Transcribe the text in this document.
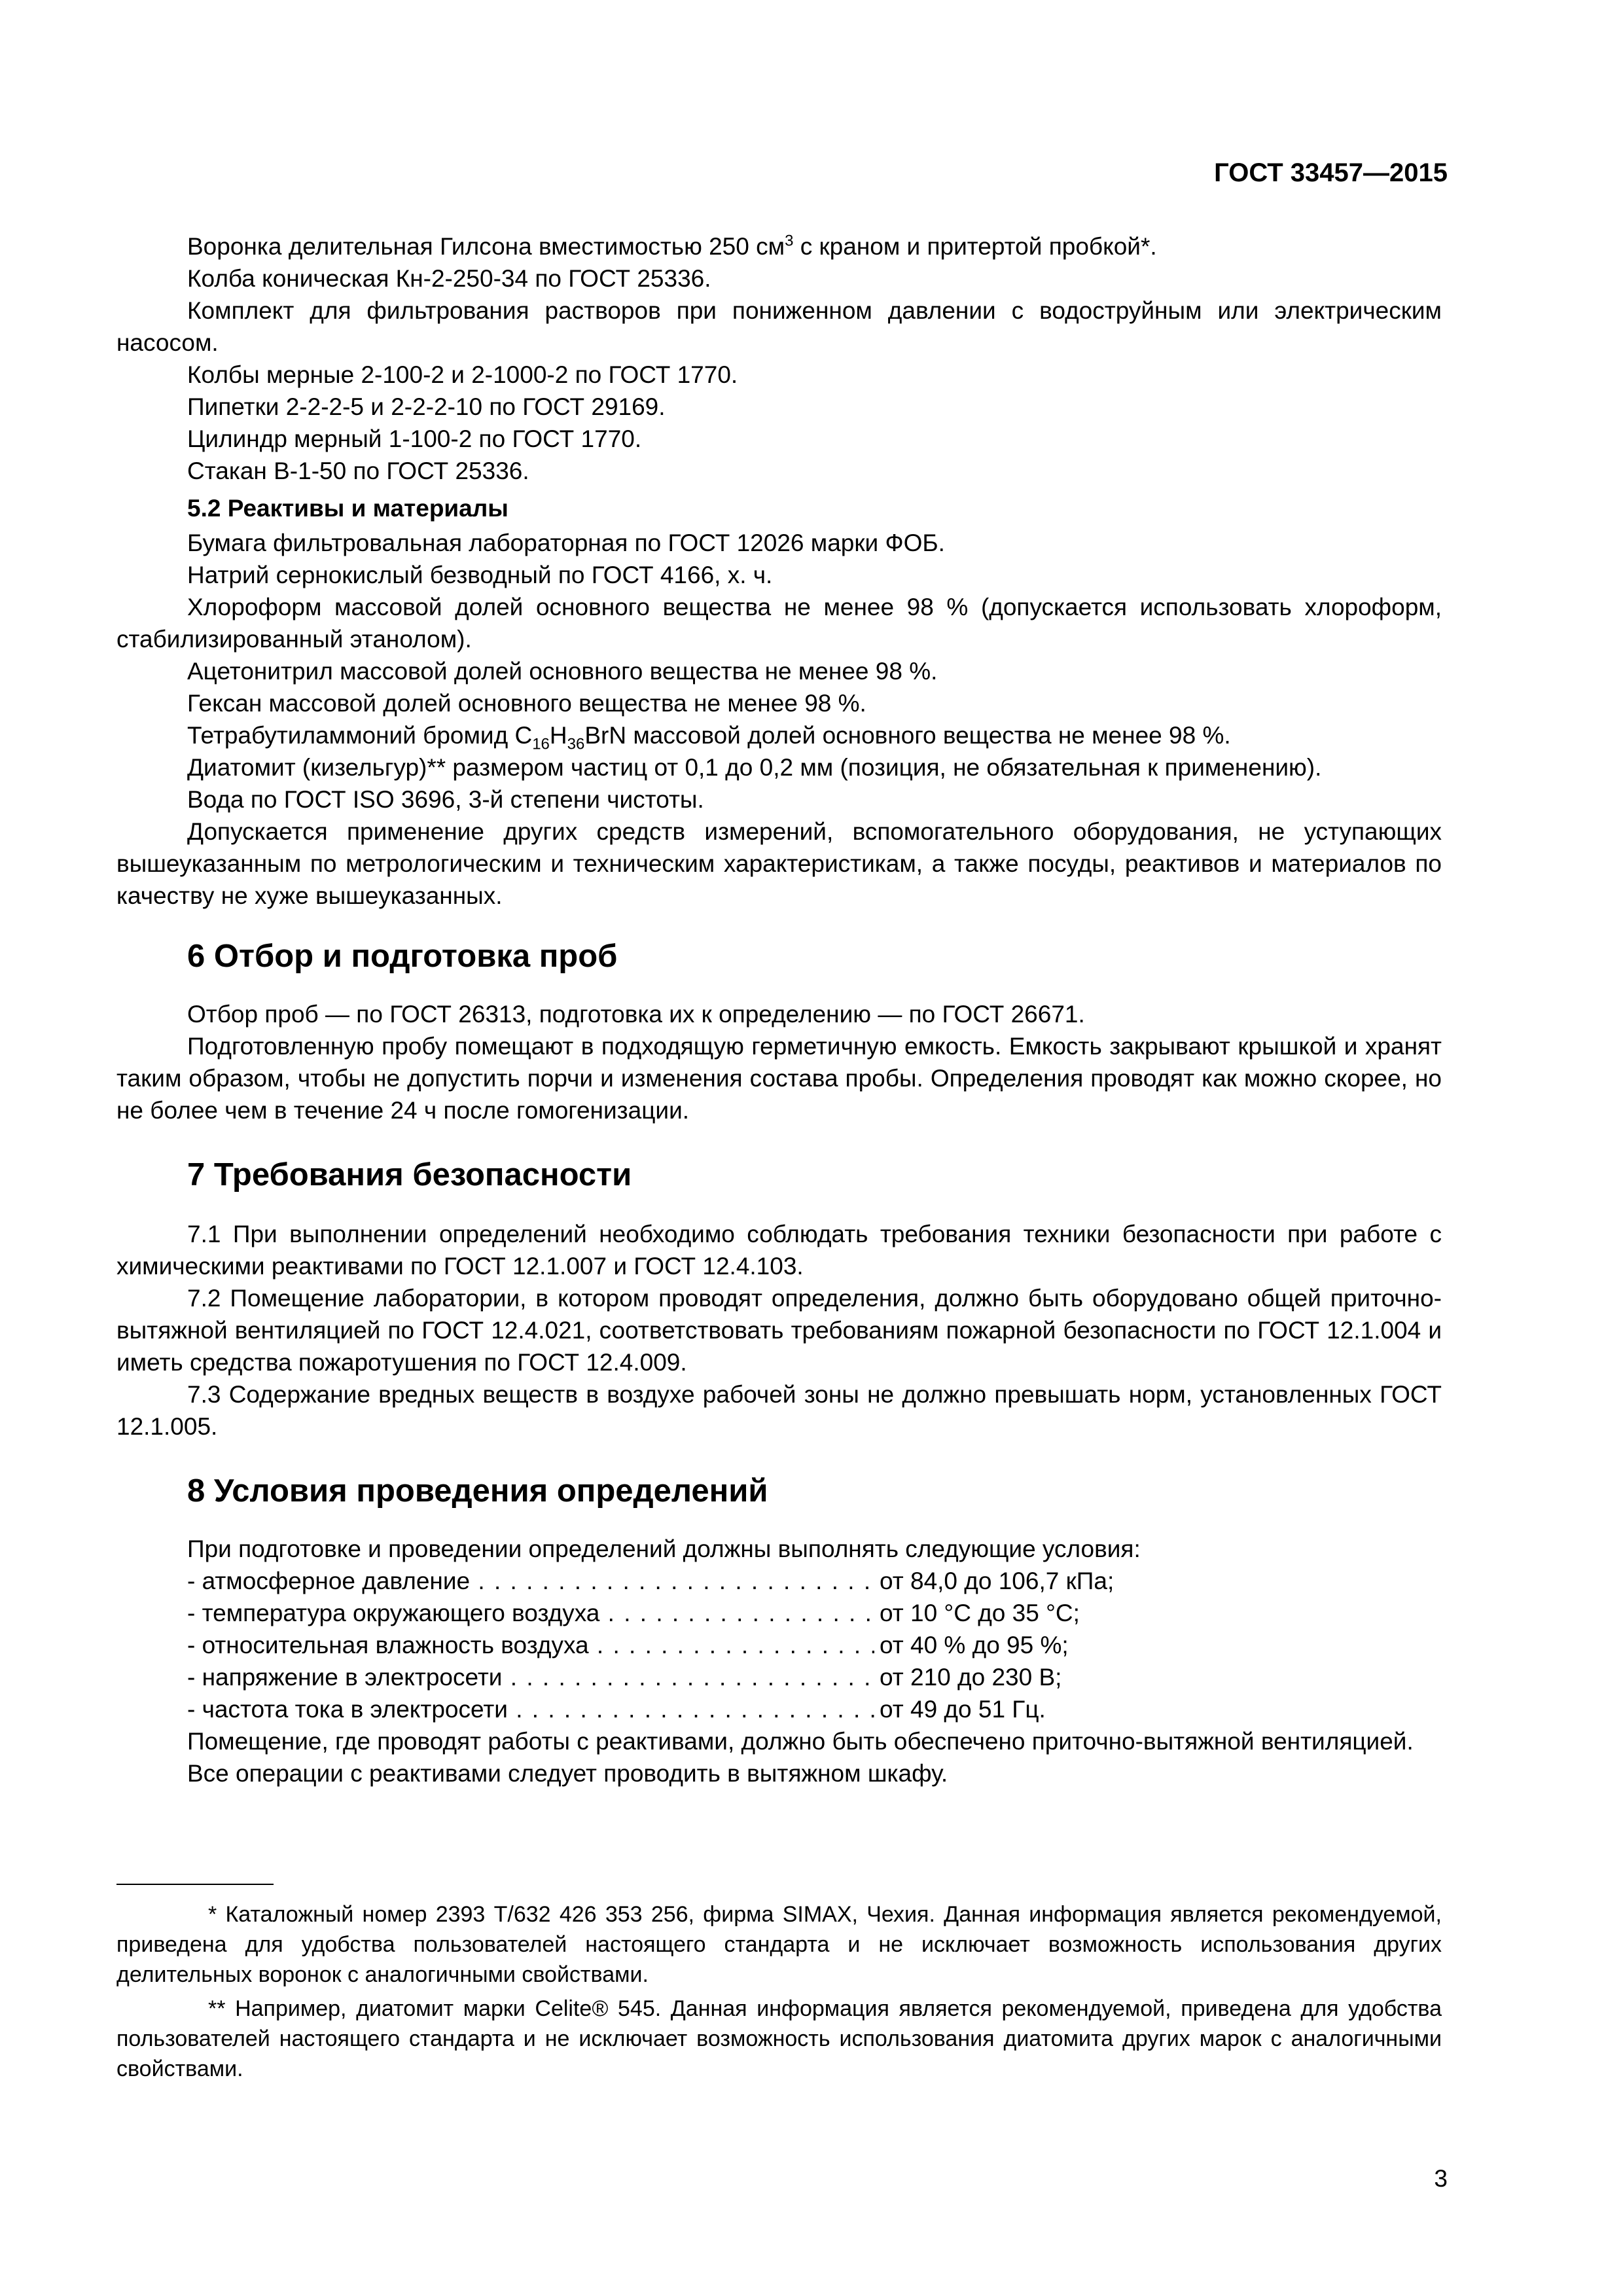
ГОСТ 33457—2015

Воронка делительная Гилсона вместимостью 250 $см^3$ с краном и притертой пробкой*.

Колба коническая Кн-2-250-34 по ГОСТ 25336.

Комплект для фильтрования растворов при пониженном давлении с водоструйным или электрическим насосом.

Колбы мерные 2-100-2 и 2-1000-2 по ГОСТ 1770.

Пипетки 2-2-2-5 и 2-2-2-10 по ГОСТ 29169.

Цилиндр мерный 1-100-2 по ГОСТ 1770.

Стакан В-1-50 по ГОСТ 25336.

5.2 Реактивы и материалы

Бумага фильтровальная лабораторная по ГОСТ 12026 марки ФОБ.

Натрий сернокислый безводный по ГОСТ 4166, х. ч.

Хлороформ массовой долей основного вещества не менее 98 % (допускается использовать хлороформ, стабилизированный этанолом).

Ацетонитрил массовой долей основного вещества не менее 98 %.

Гексан массовой долей основного вещества не менее 98 %.

Тетрабутиламмоний бромид $C_{16}H_{36}BrN$ массовой долей основного вещества не менее 98 %.

Диатомит (кизельгур)** размером частиц от 0,1 до 0,2 мм (позиция, не обязательная к применению).

Вода по ГОСТ ISO 3696, 3-й степени чистоты.

Допускается применение других средств измерений, вспомогательного оборудования, не уступающих вышеуказанным по метрологическим и техническим характеристикам, а также посуды, реактивов и материалов по качеству не хуже вышеуказанных.

6 Отбор и подготовка проб

Отбор проб — по ГОСТ 26313, подготовка их к определению — по ГОСТ 26671.

Подготовленную пробу помещают в подходящую герметичную емкость. Емкость закрывают крышкой и хранят таким образом, чтобы не допустить порчи и изменения состава пробы. Определения проводят как можно скорее, но не более чем в течение 24 ч после гомогенизации.

7 Требования безопасности

7.1 При выполнении определений необходимо соблюдать требования техники безопасности при работе с химическими реактивами по ГОСТ 12.1.007 и ГОСТ 12.4.103.

7.2 Помещение лаборатории, в котором проводят определения, должно быть оборудовано общей приточно-вытяжной вентиляцией по ГОСТ 12.4.021, соответствовать требованиям пожарной безопасности по ГОСТ 12.1.004 и иметь средства пожаротушения по ГОСТ 12.4.009.

7.3 Содержание вредных веществ в воздухе рабочей зоны не должно превышать норм, установленных ГОСТ 12.1.005.

8 Условия проведения определений

При подготовке и проведении определений должны выполнять следующие условия:

- атмосферное давление . . .	от 84,0 до 106,7 кПа;
- температура окружающего воздуха . . .	от 10 °С до 35 °С;
- относительная влажность воздуха . . .	от 40 % до 95 %;
- напряжение в электросети . . .	от 210 до 230 В;
- частота тока в электросети . . .	от 49 до 51 Гц.

Помещение, где проводят работы с реактивами, должно быть обеспечено приточно-вытяжной вентиляцией.

Все операции с реактивами следует проводить в вытяжном шкафу.

* Каталожный номер 2393 Т/632 426 353 256, фирма SIMAX, Чехия. Данная информация является рекомендуемой, приведена для удобства пользователей настоящего стандарта и не исключает возможность использования других делительных воронок с аналогичными свойствами.

** Например, диатомит марки Celite® 545. Данная информация является рекомендуемой, приведена для удобства пользователей настоящего стандарта и не исключает возможность использования диатомита других марок с аналогичными свойствами.

3
